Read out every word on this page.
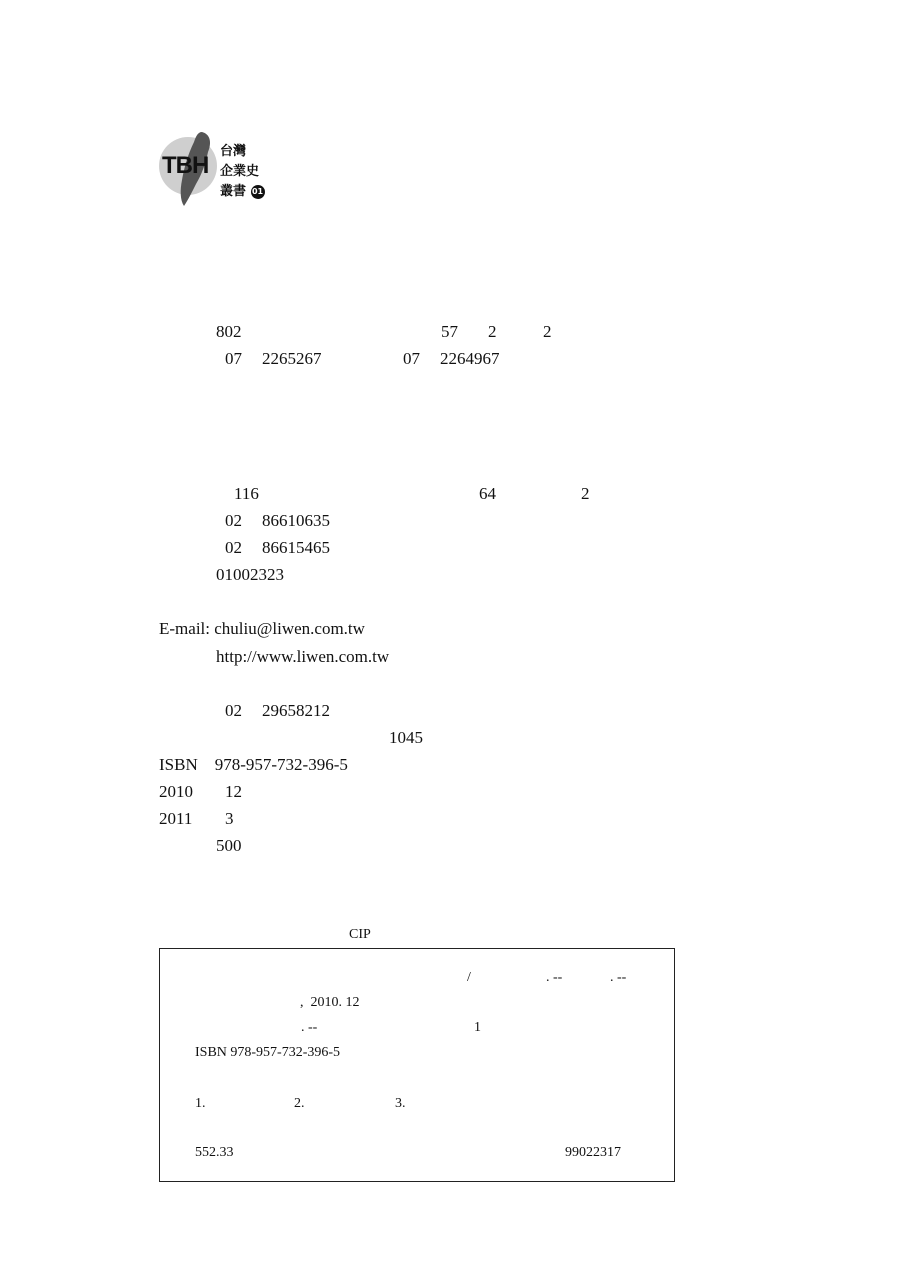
TBH
台灣
企業史
叢書 01
802	57 2	2
07 2265267	07 2264967
116	64	2
02 86610635
02 86615465
01002323
E-mail: chuliu@liwen.com.tw
http://www.liwen.com.tw
02 29658212
1045
ISBN    978-957-732-396-5
2010 12
2011 3
500
CIP
/	. --	. --
,  2010. 12
. --	1
ISBN 978-957-732-396-5
1.	2.	3.
552.33	99022317
